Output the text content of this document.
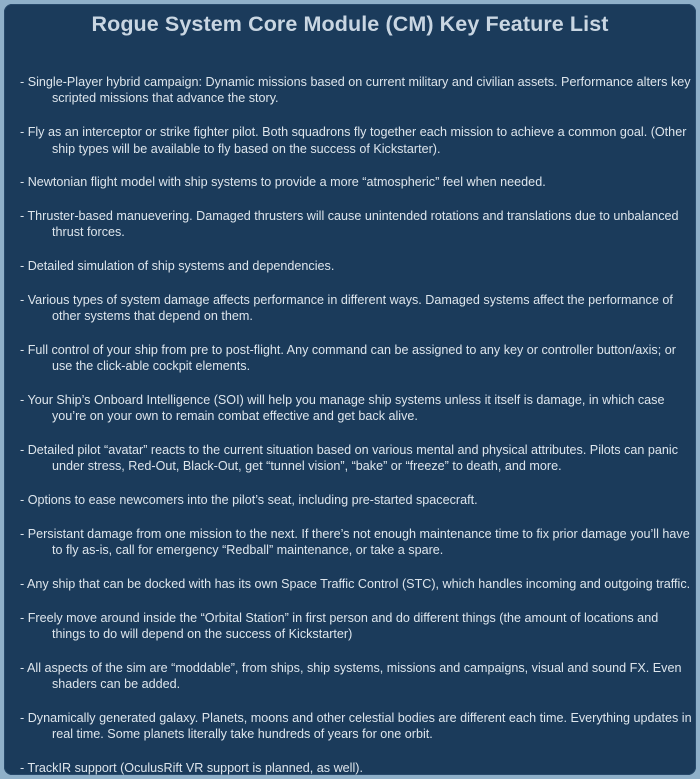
Rogue System Core Module (CM) Key Feature List
- Single-Player hybrid campaign: Dynamic missions based on current military and civilian assets. Performance alters key scripted missions that advance the story.
- Fly as an interceptor or strike fighter pilot. Both squadrons fly together each mission to achieve a common goal. (Other ship types will be available to fly based on the success of Kickstarter).
- Newtonian flight model with ship systems to provide a more “atmospheric” feel when needed.
- Thruster-based manuevering. Damaged thrusters will cause unintended rotations and translations due to unbalanced thrust forces.
- Detailed simulation of ship systems and dependencies.
- Various types of system damage affects performance in different ways. Damaged systems affect the performance of other systems that depend on them.
- Full control of your ship from pre to post-flight. Any command can be assigned to any key or controller button/axis; or use the click-able cockpit elements.
- Your Ship’s Onboard Intelligence (SOI) will help you manage ship systems unless it itself is damage, in which case you’re on your own to remain combat effective and get back alive.
- Detailed pilot “avatar” reacts to the current situation based on various mental and physical attributes. Pilots can panic under stress, Red-Out, Black-Out, get “tunnel vision”, “bake” or “freeze” to death, and more.
- Options to ease newcomers into the pilot’s seat, including pre-started spacecraft.
- Persistant damage from one mission to the next. If there’s not enough maintenance time to fix prior damage you’ll have to fly as-is, call for emergency “Redball” maintenance, or take a spare.
- Any ship that can be docked with has its own Space Traffic Control (STC), which handles incoming and outgoing traffic.
- Freely move around inside the “Orbital Station” in first person and do different things (the amount of locations and things to do will depend on the success of Kickstarter)
- All aspects of the sim are “moddable”, from ships, ship systems, missions and campaigns, visual and sound FX. Even shaders can be added.
- Dynamically generated galaxy. Planets, moons and other celestial bodies are different each time. Everything updates in real time. Some planets literally take hundreds of years for one orbit.
- TrackIR support (OculusRift VR support is planned, as well).
